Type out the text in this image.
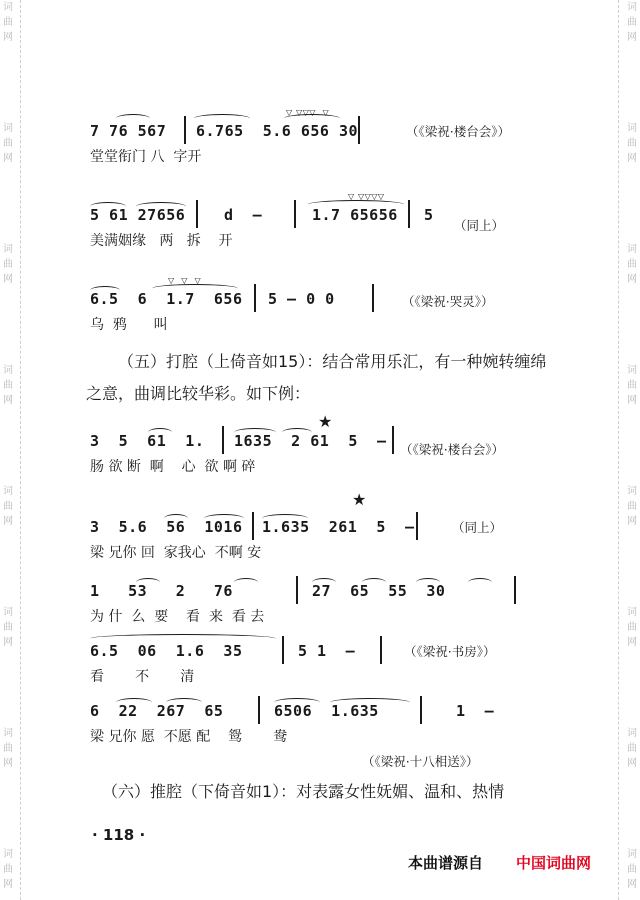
词
曲
网
词
曲
网
词
曲
网
词
曲
网
词
曲
网
词
曲
网
词
曲
网
词
曲
网
词
曲
网
词
曲
网
词
曲
网
词
曲
网
词
曲
网
词
曲
网
词
曲
网
词
曲
网

7 76 567

6.765  5.6 656 30

▽ ▽▽▽  ▽

堂堂衔门 八  字开
（《梁祝·楼台会》）

5 61 27656

	d  –

	1.7 65656

5

▽ ▽▽▽▽

美满姻缘   两   拆    开
（同上）

6.5  6  1.7  656

5 – 0 0

▽  ▽  ▽

乌  鸦      叫
（《梁祝·哭灵》）
（五）打腔（上倚音如15）：结合常用乐汇，有一种婉转缠绵之意，曲调比较华彩。如下例：

3  5  61  1.

1635  2 61  5  –

★

肠 欲 断  啊    心  欲 啊 碎
（《梁祝·楼台会》）

3  5.6  56  1016

1.635  261  5  –

★

梁 兄你 回  家我心  不啊 安
（同上）

1   53   2   76

	27  65  55  30

为 什  么  要    看  来  看 去

6.5  06  1.6  35

	5 1  –

看       不       清
（《梁祝·书房》）

6  22  267  65

	6506  1.635

	1  –

梁 兄你 愿  不愿 配    鸳       鸯
（《梁祝·十八相送》）
（六）推腔（下倚音如1）：对表露女性妩媚、温和、热情
· 118 ·
本曲谱源自 中国词曲网
